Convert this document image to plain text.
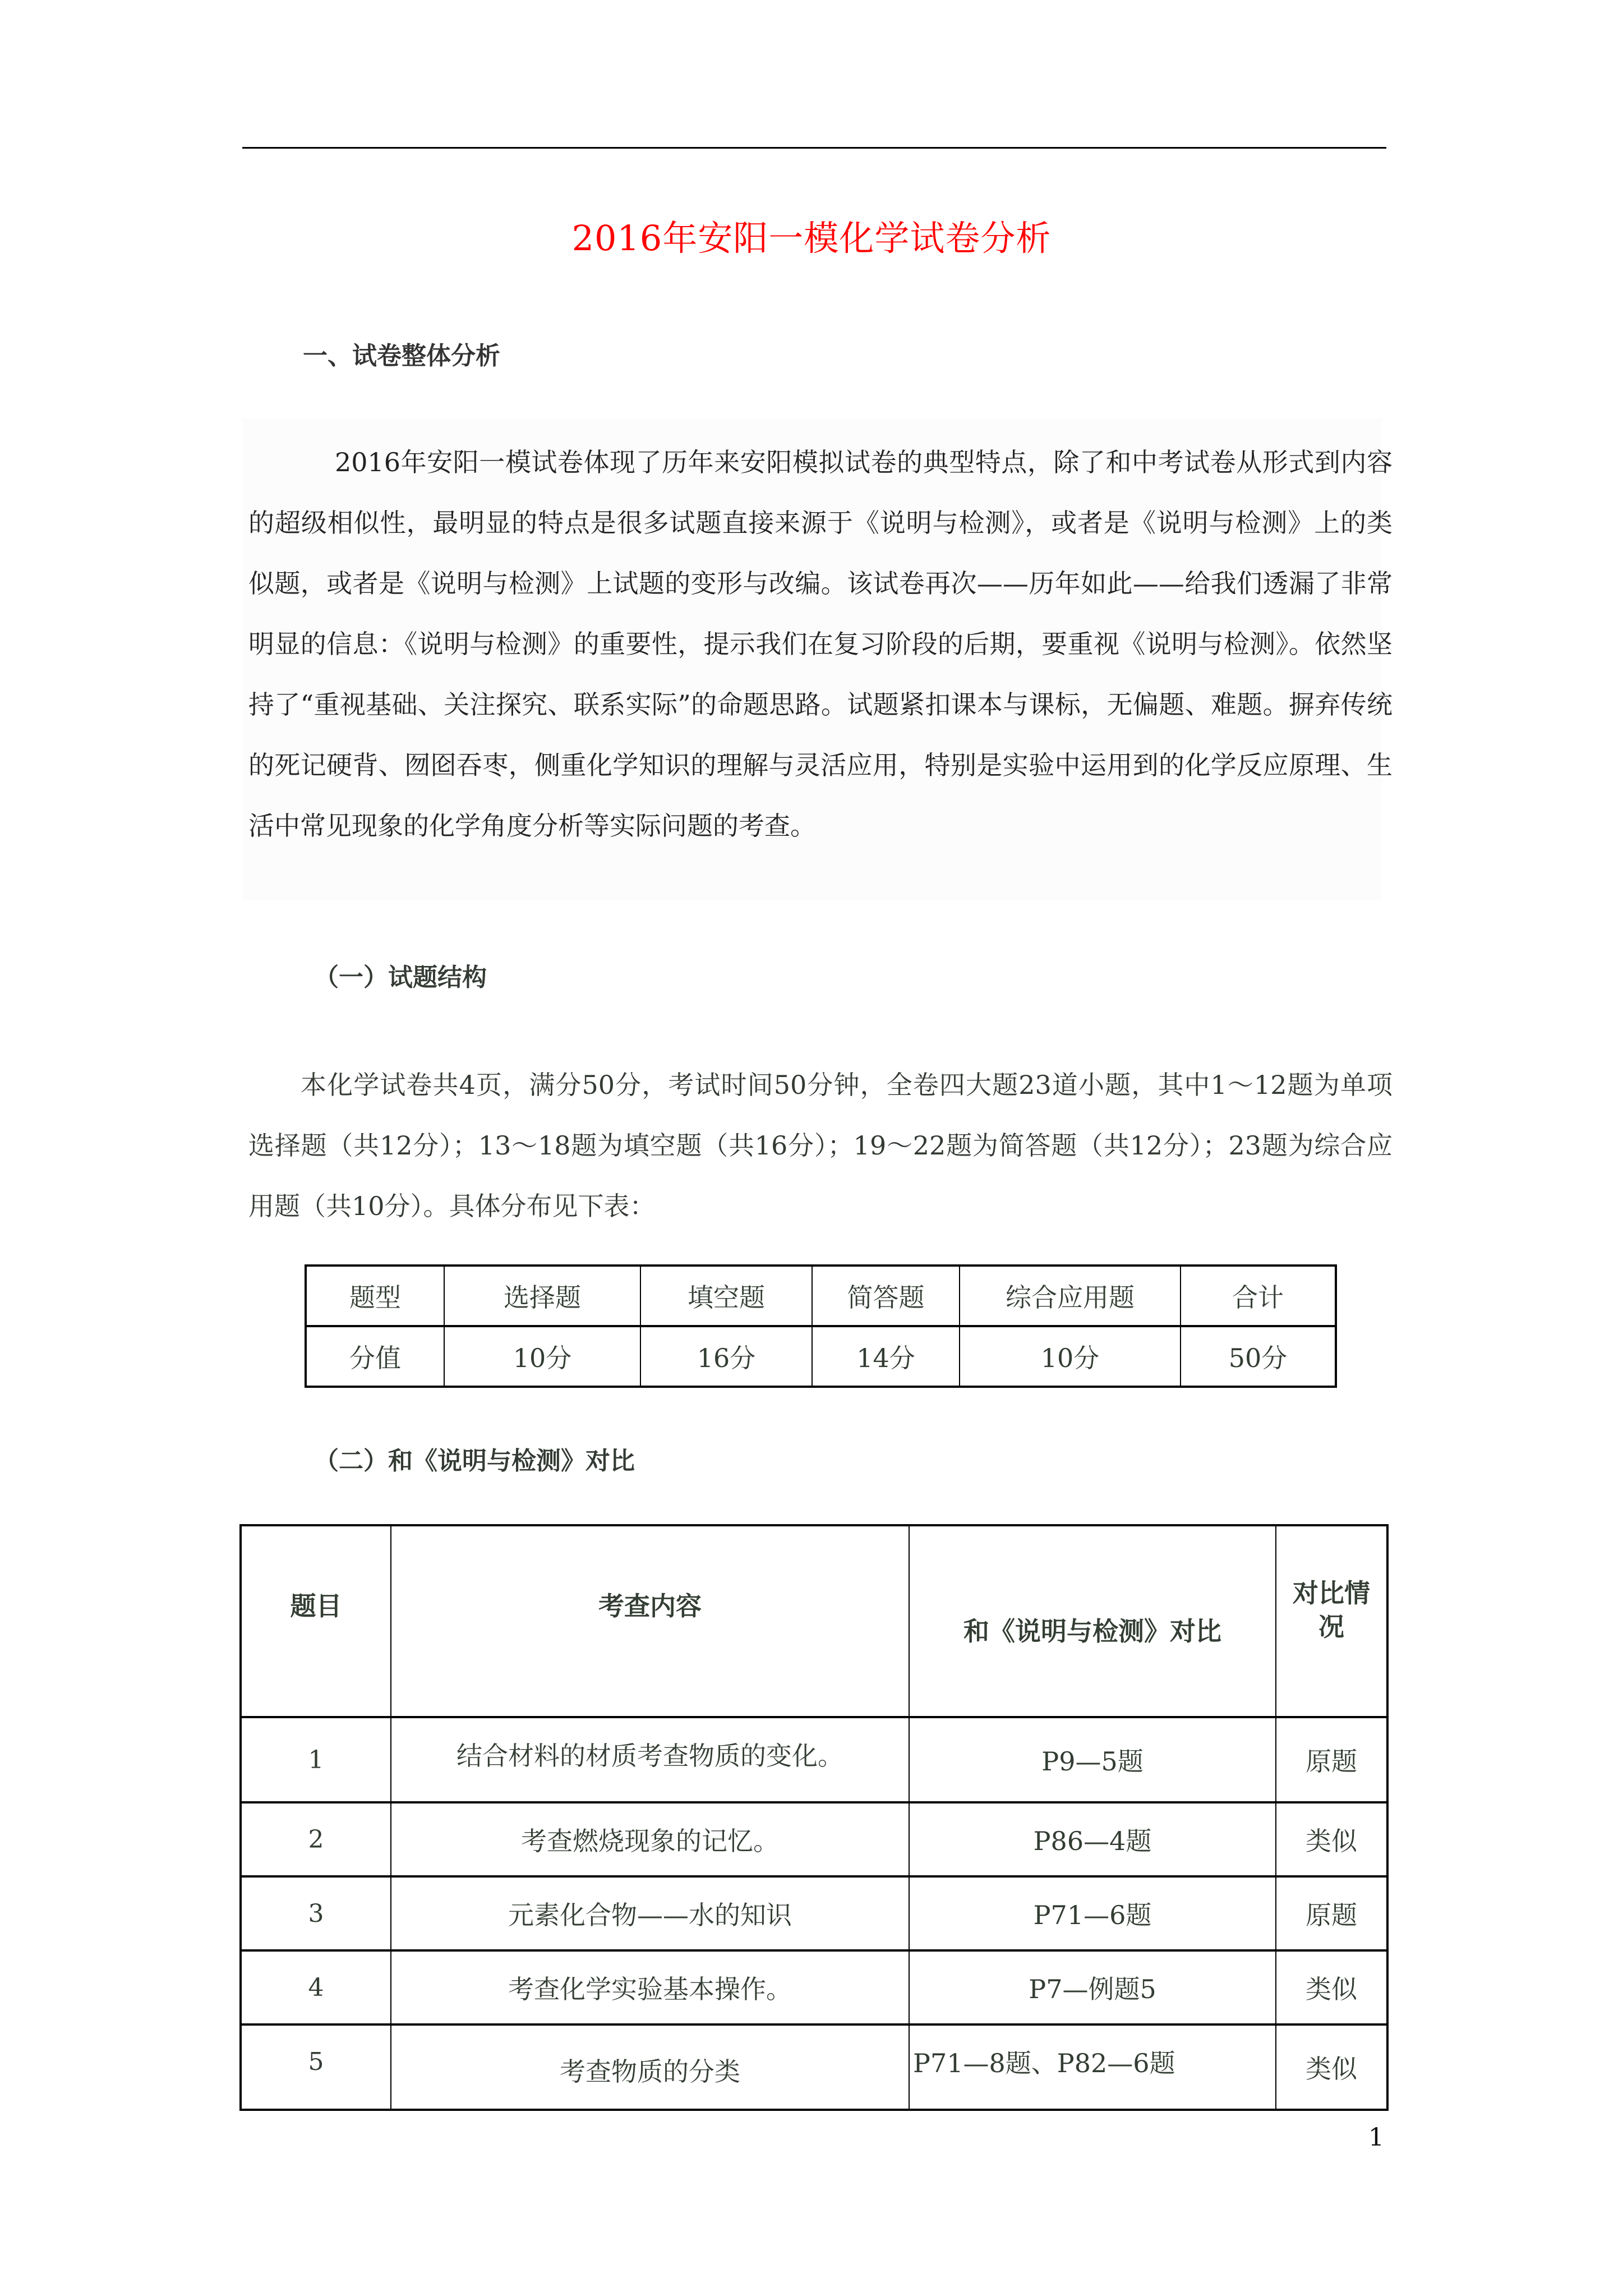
2016年安阳一模化学试卷分析
一、试卷整体分析
2016年安阳一模试卷体现了历年来安阳模拟试卷的典型特点，除了和中考试卷从形式到内容的超级相似性，最明显的特点是很多试题直接来源于《说明与检测》，或者是《说明与检测》上的类似题，或者是《说明与检测》上试题的变形与改编。该试卷再次——历年如此——给我们透漏了非常明显的信息：《说明与检测》的重要性，提示我们在复习阶段的后期，要重视《说明与检测》。依然坚持了“重视基础、关注探究、联系实际”的命题思路。试题紧扣课本与课标，无偏题、难题。摒弃传统的死记硬背、囫囵吞枣，侧重化学知识的理解与灵活应用，特别是实验中运用到的化学反应原理、生活中常见现象的化学角度分析等实际问题的考查。
（一）试题结构
本化学试卷共4页，满分50分，考试时间50分钟，全卷四大题23道小题，其中1～12题为单项选择题（共12分）；13～18题为填空题（共16分）；19～22题为简答题（共12分）；23题为综合应用题（共10分）。具体分布见下表：
题型	选择题	填空题	简答题	综合应用题	合计
分值	10分	16分	14分	10分	50分
（二）和《说明与检测》对比
题目	考查内容	和《说明与检测》对比	对比情况
1	结合材料的材质考查物质的变化。	P9—5题	原题
2	考查燃烧现象的记忆。	P86—4题	类似
3	元素化合物——水的知识	P71—6题	原题
4	考查化学实验基本操作。	P7—例题5	类似
5	考查物质的分类	P71—8题、P82—6题	类似
1
